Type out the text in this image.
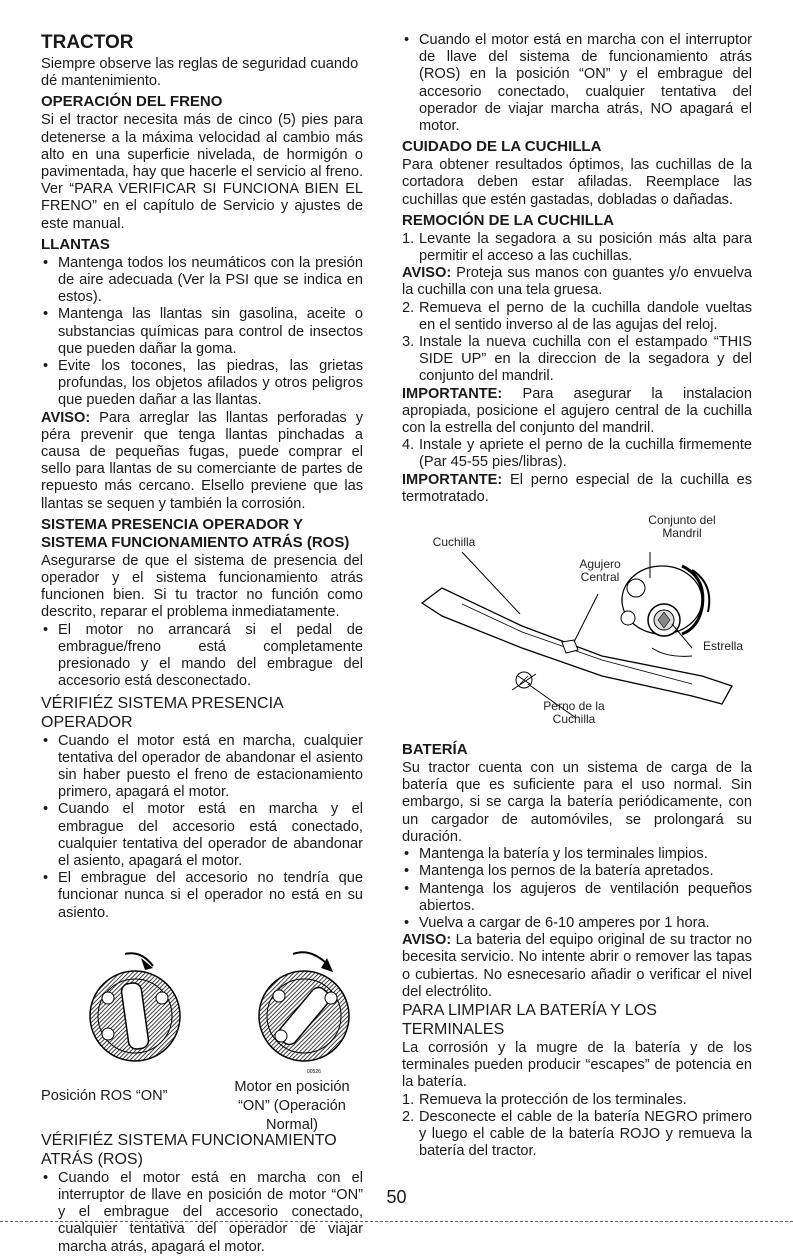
TRACTOR

Siempre observe las reglas de seguridad cuando dé mantenimiento.

OPERACIÓN DEL FRENO

Si el tractor necesita más de cinco (5) pies para detenerse a la máxima velocidad al cambio más alto en una superficie nivelada, de hormigón o pavimentada, hay que hacerle el servicio al freno. Ver “PARA VERIFICAR SI FUNCIONA BIEN EL FRENO” en el capítulo de Servicio y ajustes de este manual.

LLANTAS
• Mantenga todos los neumáticos con la presión de aire adecuada (Ver la PSI que se indica en estos).
• Mantenga las llantas sin gasolina, aceite o substancias químicas para control de insectos que pueden dañar la goma.
• Evite los tocones, las piedras, las grietas profundas, los objetos afilados y otros peligros que pueden dañar a las llantas.

AVISO: Para arreglar las llantas perforadas y péra prevenir que tenga llantas pinchadas a causa de pequeñas fugas, puede comprar el sello para llantas de su comerciante de partes de repuesto más cercano. Elsello previene que las llantas se sequen y también la corrosión.

SISTEMA PRESENCIA OPERADOR Y SISTEMA FUNCIONAMIENTO ATRÁS (ROS)

Asegurarse de que el sistema de presencia del operador y el sistema funcionamiento atrás funcionen bien. Si tu tractor no función como descrito, reparar el problema inmediatamente.

• El motor no arrancará si el pedal de embrague/freno está completamente presionado y el mando del embrague del accesorio está desconectado.
VÉRIFIÉZ SISTEMA PRESENCIA OPERADOR
• Cuando el motor está en marcha, cualquier tentativa del operador de abandonar el asiento sin haber puesto el freno de estacionamiento primero, apagará el motor.
• Cuando el motor está en marcha y el embrague del accesorio está conectado, cualquier tentativa del operador de abandonar el asiento, apagará el motor.
• El embrague del accesorio no tendría que funcionar nunca si el operador no está en su asiento.
00526
Posición ROS “ON”
Motor en posición “ON” (Operación Normal)
VÉRIFIÉZ SISTEMA FUNCIONAMIENTO ATRÁS (ROS)
• Cuando el motor está en marcha con el interruptor de llave en posición de motor “ON” y el embrague del accesorio conectado, cualquier tentativa del operador de viajar marcha atrás, apagará el motor.
• Cuando el motor está en marcha con el interruptor de llave del sistema de funcionamiento atrás (ROS) en la posición “ON” y el embrague del accesorio conectado, cualquier tentativa del operador de viajar marcha atrás, NO apagará el motor.
CUIDADO DE LA CUCHILLA

Para obtener resultados óptimos, las cuchillas de la cortadora deben estar afiladas. Reemplace las cuchillas que estén gastadas, dobladas o dañadas.

REMOCIÓN DE LA CUCHILLA
1. Levante la segadora a su posición más alta para permitir el acceso a las cuchillas.

AVISO: Proteja sus manos con guantes y/o envuelva la cuchilla con una tela gruesa.

2. Remueva el perno de la cuchilla dandole vueltas en el sentido inverso al de las agujas del reloj.
3. Instale la nueva cuchilla con el estampado “THIS SIDE UP” en la direccion de la segadora y del conjunto del mandril.

IMPORTANTE: Para asegurar la instalacion apropiada, posicione el agujero central de la cuchilla con la estrella del conjunto del mandril.

4. Instale y apriete el perno de la cuchilla firmemente (Par 45-55 pies/libras).

IMPORTANTE: El perno especial de la cuchilla es termotratado.

Cuchilla
Agujero Central
Conjunto del Mandril
Estrella
Perno de la Cuchilla
BATERÍA

Su tractor cuenta con un sistema de carga de la batería que es suficiente para el uso normal. Sin embargo, si se carga la batería periódicamente, con un cargador de automóviles, se prolongará su duración.

• Mantenga la batería y los terminales limpios.
• Mantenga los pernos de la batería apretados.
• Mantenga los agujeros de ventilación pequeños abiertos.
• Vuelva a cargar de 6-10 amperes por 1 hora.

AVISO: La bateria del equipo original de su tractor no becesita servicio. No intente abrir o remover las tapas o cubiertas. No esnecesario añadir o verificar el nivel del electrólito.

PARA LIMPIAR LA BATERÍA Y LOS TERMINALES

La corrosión y la mugre de la batería y de los terminales pueden producir “escapes” de potencia en la batería.

1. Remueva la protección de los terminales.
2. Desconecte el cable de la batería NEGRO primero y luego el cable de la batería ROJO y remueva la batería del tractor.
50
